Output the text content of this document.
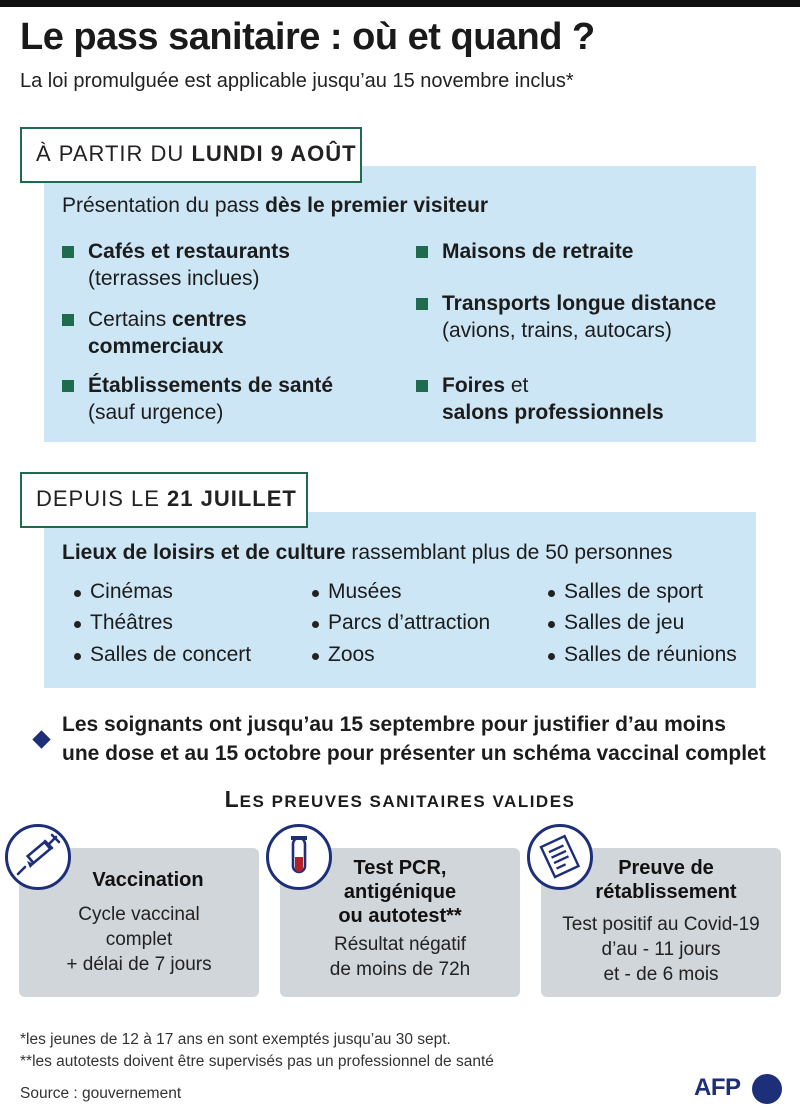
Le pass sanitaire : où et quand ?

La loi promulguée est applicable jusqu’au 15 novembre inclus*

À PARTIR DU LUNDI 9 AOÛT
Présentation du pass dès le premier visiteur
Cafés et restaurants
(terrasses inclues)
Certains centres
commerciaux
Établissements de santé
(sauf urgence)
Maisons de retraite
Transports longue distance
(avions, trains, autocars)
Foires et
salons professionnels
DEPUIS LE 21 JUILLET
Lieux de loisirs et de culture rassemblant plus de 50 personnes
Cinémas
Théâtres
Salles de concert
Musées
Parcs d’attraction
Zoos
Salles de sport
Salles de jeu
Salles de réunions
Les soignants ont jusqu’au 15 septembre pour justifier d’au moins
une dose et au 15 octobre pour présenter un schéma vaccinal complet
LES PREUVES SANITAIRES VALIDES
Vaccination
Cycle vaccinal
complet
+ délai de 7 jours
Test PCR,
antigénique
ou autotest**
Résultat négatif
de moins de 72h
Preuve de
rétablissement
Test positif au Covid-19
d’au - 11 jours
et - de 6 mois
*les jeunes de 12 à 17 ans en sont exemptés jusqu’au 30 sept.
**les autotests doivent être supervisés pas un professionnel de santé
Source : gouvernement	AFP
